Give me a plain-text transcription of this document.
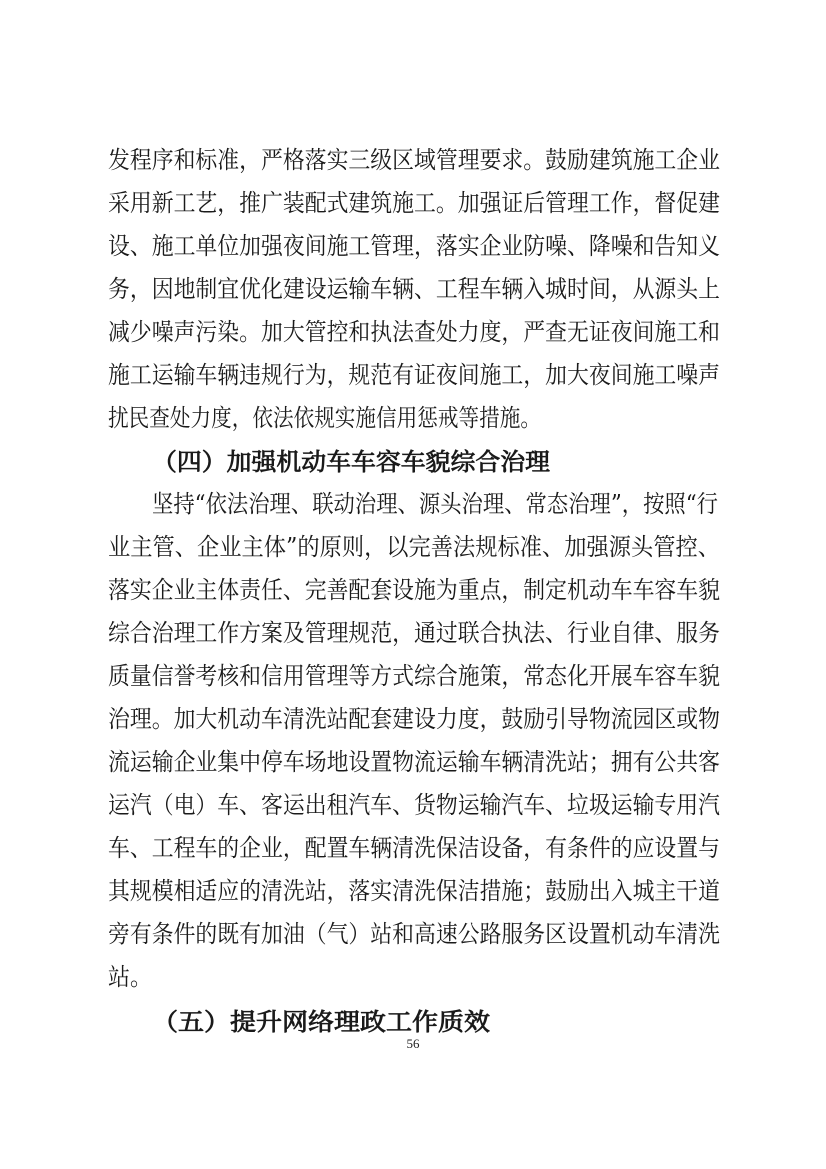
发程序和标准，严格落实三级区域管理要求。鼓励建筑施工企业
采用新工艺，推广装配式建筑施工。加强证后管理工作，督促建
设、施工单位加强夜间施工管理，落实企业防噪、降噪和告知义
务，因地制宜优化建设运输车辆、工程车辆入城时间，从源头上
减少噪声污染。加大管控和执法查处力度，严查无证夜间施工和
施工运输车辆违规行为，规范有证夜间施工，加大夜间施工噪声
扰民查处力度，依法依规实施信用惩戒等措施。
（四）加强机动车车容车貌综合治理
坚持“依法治理、联动治理、源头治理、常态治理”，按照“行
业主管、企业主体”的原则，以完善法规标准、加强源头管控、
落实企业主体责任、完善配套设施为重点，制定机动车车容车貌
综合治理工作方案及管理规范，通过联合执法、行业自律、服务
质量信誉考核和信用管理等方式综合施策，常态化开展车容车貌
治理。加大机动车清洗站配套建设力度，鼓励引导物流园区或物
流运输企业集中停车场地设置物流运输车辆清洗站；拥有公共客
运汽（电）车、客运出租汽车、货物运输汽车、垃圾运输专用汽
车、工程车的企业，配置车辆清洗保洁设备，有条件的应设置与
其规模相适应的清洗站，落实清洗保洁措施；鼓励出入城主干道
旁有条件的既有加油（气）站和高速公路服务区设置机动车清洗
站。
（五）提升网络理政工作质效
56
